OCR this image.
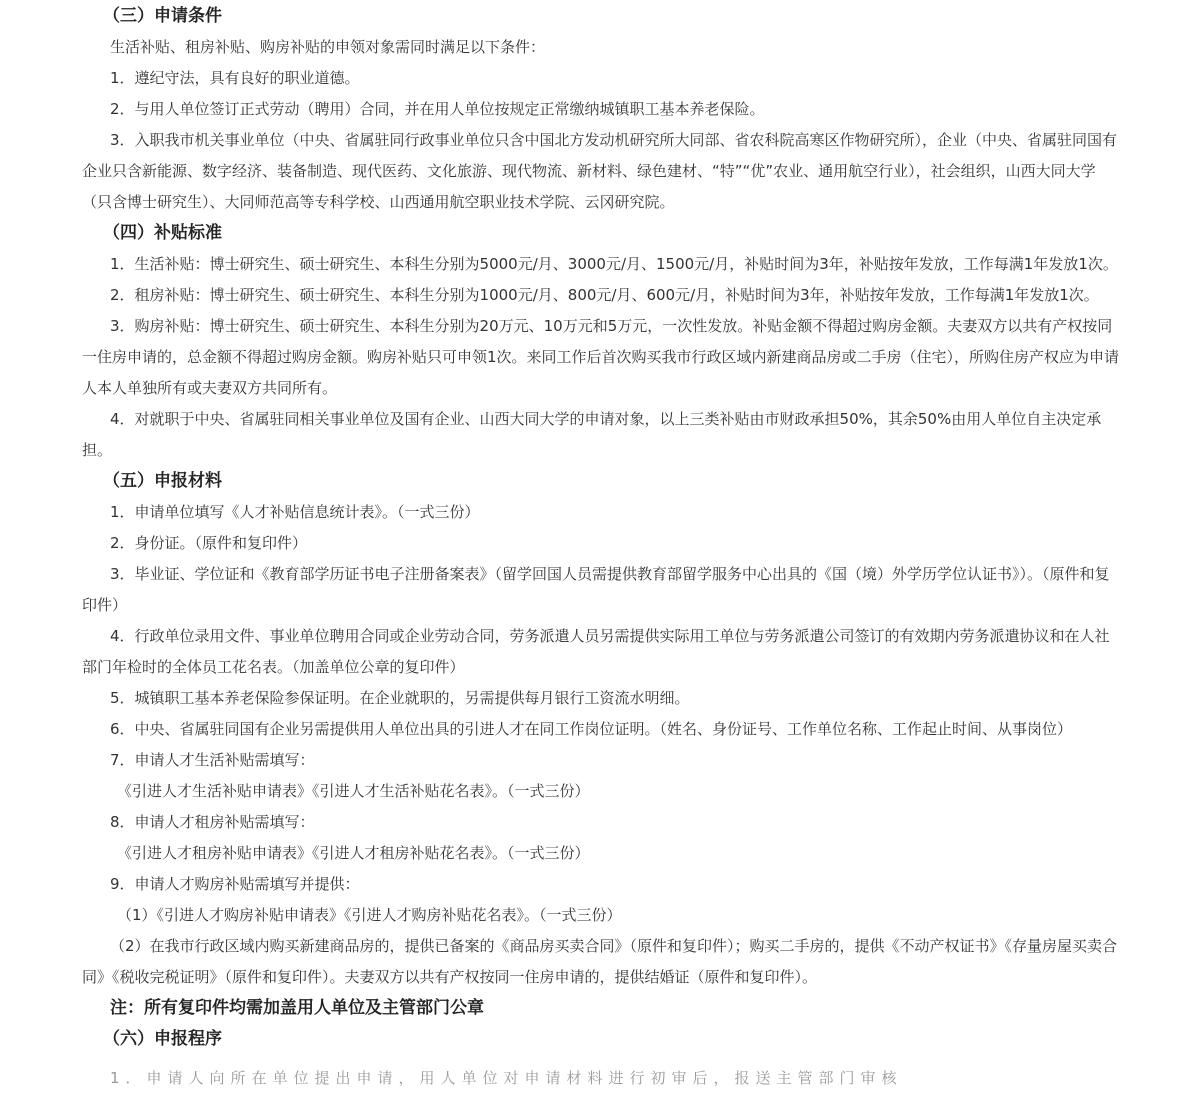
（三）申请条件
生活补贴、租房补贴、购房补贴的申领对象需同时满足以下条件：
1．遵纪守法，具有良好的职业道德。
2．与用人单位签订正式劳动（聘用）合同，并在用人单位按规定正常缴纳城镇职工基本养老保险。
3．入职我市机关事业单位（中央、省属驻同行政事业单位只含中国北方发动机研究所大同部、省农科院高寒区作物研究所），企业（中央、省属驻同国有企业只含新能源、数字经济、装备制造、现代医药、文化旅游、现代物流、新材料、绿色建材、“特”“优”农业、通用航空行业），社会组织，山西大同大学（只含博士研究生）、大同师范高等专科学校、山西通用航空职业技术学院、云冈研究院。
（四）补贴标准
1．生活补贴：博士研究生、硕士研究生、本科生分别为5000元/月、3000元/月、1500元/月，补贴时间为3年，补贴按年发放，工作每满1年发放1次。
2．租房补贴：博士研究生、硕士研究生、本科生分别为1000元/月、800元/月、600元/月，补贴时间为3年，补贴按年发放，工作每满1年发放1次。
3．购房补贴：博士研究生、硕士研究生、本科生分别为20万元、10万元和5万元，一次性发放。补贴金额不得超过购房金额。夫妻双方以共有产权按同一住房申请的，总金额不得超过购房金额。购房补贴只可申领1次。来同工作后首次购买我市行政区域内新建商品房或二手房（住宅），所购住房产权应为申请人本人单独所有或夫妻双方共同所有。
4．对就职于中央、省属驻同相关事业单位及国有企业、山西大同大学的申请对象，以上三类补贴由市财政承担50%，其余50%由用人单位自主决定承担。
（五）申报材料
1．申请单位填写《人才补贴信息统计表》。（一式三份）
2．身份证。（原件和复印件）
3．毕业证、学位证和《教育部学历证书电子注册备案表》（留学回国人员需提供教育部留学服务中心出具的《国（境）外学历学位认证书》）。（原件和复印件）
4．行政单位录用文件、事业单位聘用合同或企业劳动合同，劳务派遣人员另需提供实际用工单位与劳务派遣公司签订的有效期内劳务派遣协议和在人社部门年检时的全体员工花名表。（加盖单位公章的复印件）
5．城镇职工基本养老保险参保证明。在企业就职的，另需提供每月银行工资流水明细。
6．中央、省属驻同国有企业另需提供用人单位出具的引进人才在同工作岗位证明。（姓名、身份证号、工作单位名称、工作起止时间、从事岗位）
7．申请人才生活补贴需填写：
《引进人才生活补贴申请表》《引进人才生活补贴花名表》。（一式三份）
8．申请人才租房补贴需填写：
《引进人才租房补贴申请表》《引进人才租房补贴花名表》。（一式三份）
9．申请人才购房补贴需填写并提供：
（1）《引进人才购房补贴申请表》《引进人才购房补贴花名表》。（一式三份）
（2）在我市行政区域内购买新建商品房的，提供已备案的《商品房买卖合同》（原件和复印件）；购买二手房的，提供《不动产权证书》《存量房屋买卖合同》《税收完税证明》（原件和复印件）。夫妻双方以共有产权按同一住房申请的，提供结婚证（原件和复印件）。
注：所有复印件均需加盖用人单位及主管部门公章
（六）申报程序
1．申请人向所在单位提出申请，用人单位对申请材料进行初审后，报送主管部门审核
